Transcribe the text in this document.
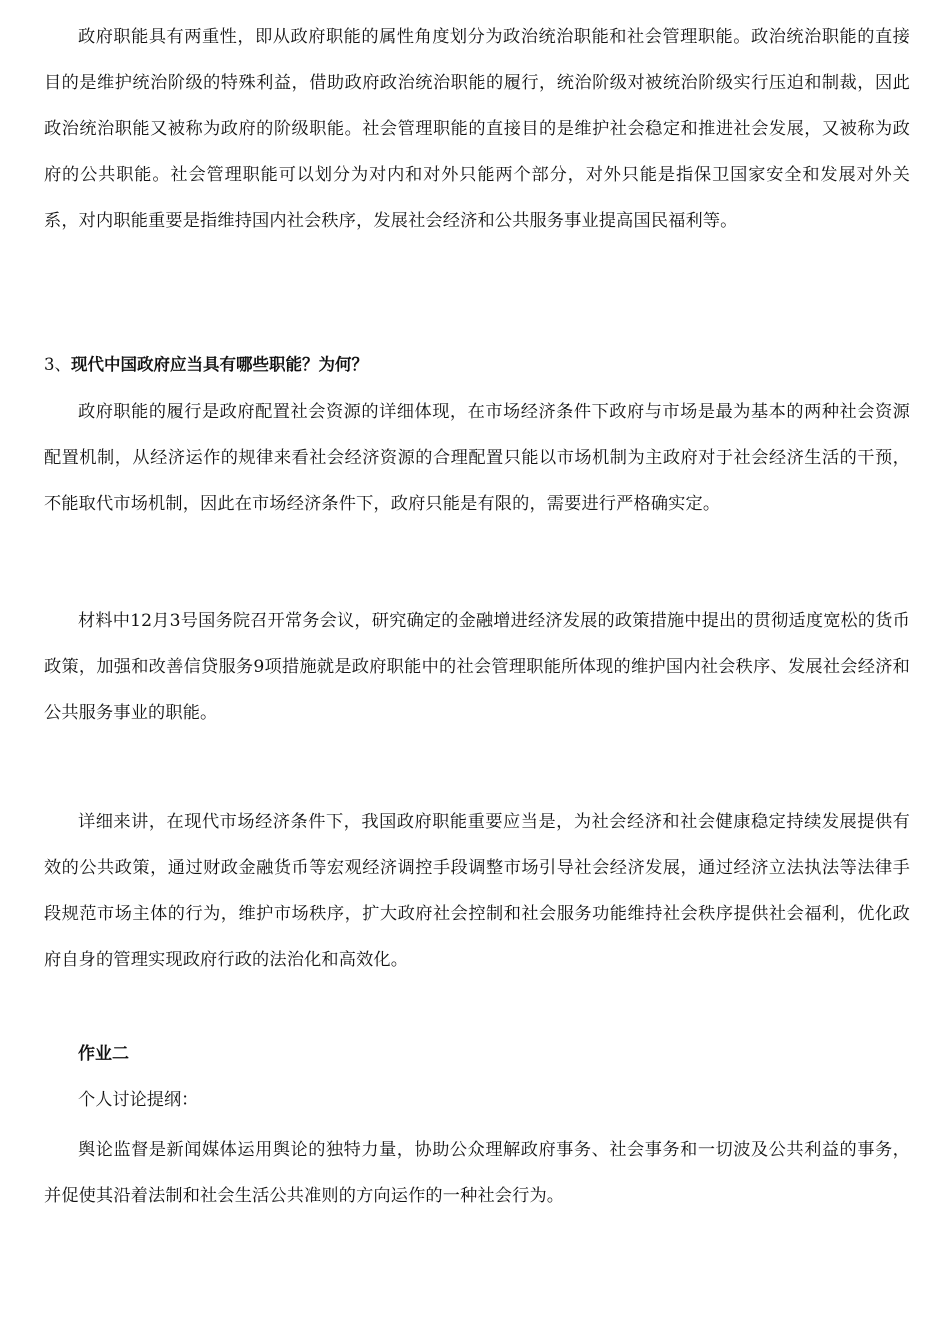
政府职能具有两重性，即从政府职能的属性角度划分为政治统治职能和社会管理职能。政治统治职能的直接目的是维护统治阶级的特殊利益，借助政府政治统治职能的履行，统治阶级对被统治阶级实行压迫和制裁，因此政治统治职能又被称为政府的阶级职能。社会管理职能的直接目的是维护社会稳定和推进社会发展，又被称为政府的公共职能。社会管理职能可以划分为对内和对外只能两个部分，对外只能是指保卫国家安全和发展对外关系，对内职能重要是指维持国内社会秩序，发展社会经济和公共服务事业提高国民福利等。

3、现代中国政府应当具有哪些职能？为何？

政府职能的履行是政府配置社会资源的详细体现，在市场经济条件下政府与市场是最为基本的两种社会资源配置机制，从经济运作的规律来看社会经济资源的合理配置只能以市场机制为主政府对于社会经济生活的干预，不能取代市场机制，因此在市场经济条件下，政府只能是有限的，需要进行严格确实定。

材料中12月3号国务院召开常务会议，研究确定的金融增进经济发展的政策措施中提出的贯彻适度宽松的货币政策，加强和改善信贷服务9项措施就是政府职能中的社会管理职能所体现的维护国内社会秩序、发展社会经济和公共服务事业的职能。

详细来讲，在现代市场经济条件下，我国政府职能重要应当是，为社会经济和社会健康稳定持续发展提供有效的公共政策，通过财政金融货币等宏观经济调控手段调整市场引导社会经济发展，通过经济立法执法等法律手段规范市场主体的行为，维护市场秩序，扩大政府社会控制和社会服务功能维持社会秩序提供社会福利，优化政府自身的管理实现政府行政的法治化和高效化。

作业二
个人讨论提纲：

舆论监督是新闻媒体运用舆论的独特力量，协助公众理解政府事务、社会事务和一切波及公共利益的事务，并促使其沿着法制和社会生活公共准则的方向运作的一种社会行为。
